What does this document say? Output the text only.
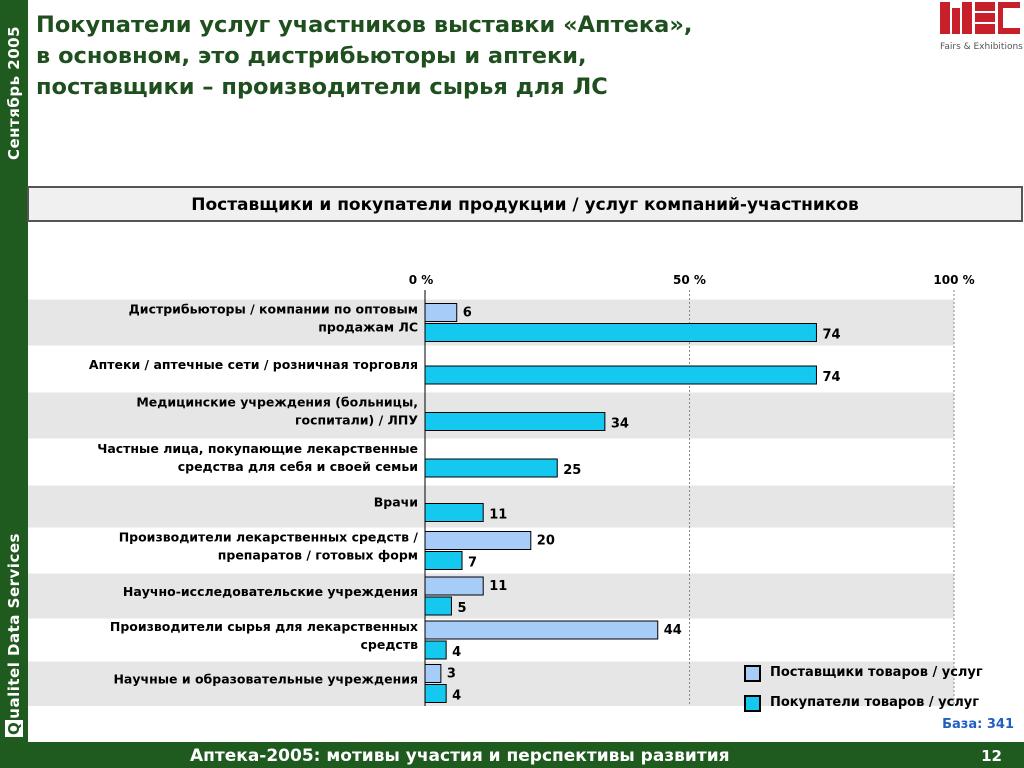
Сентябрь 2005
Qualitel Data Services
Покупатели услуг участников выставки «Аптека»,
в основном, это дистрибьюторы и аптеки,
поставщики – производители сырья для ЛС
Fairs & Exhibitions
Поставщики и покупатели продукции / услуг компаний-участников
0 %	50 %	100 %
Дистрибьюторы / компании по оптовым
продажам ЛС
Аптеки / аптечные сети / розничная торговля
Медицинские учреждения (больницы,
госпитали) / ЛПУ
Частные лица, покупающие лекарственные
средства для себя и своей семьи
Врачи
Производители лекарственных средств /
препаратов / готовых форм
Научно-исследовательские учреждения
Производители сырья для лекарственных
средств
Научные и образовательные учреждения
6
74
74
34
25
11
20
7
11
5
44
4
3
4
Поставщики товаров / услуг
Покупатели товаров / услуг
База: 341
Аптека-2005: мотивы участия и перспективы развития	12
